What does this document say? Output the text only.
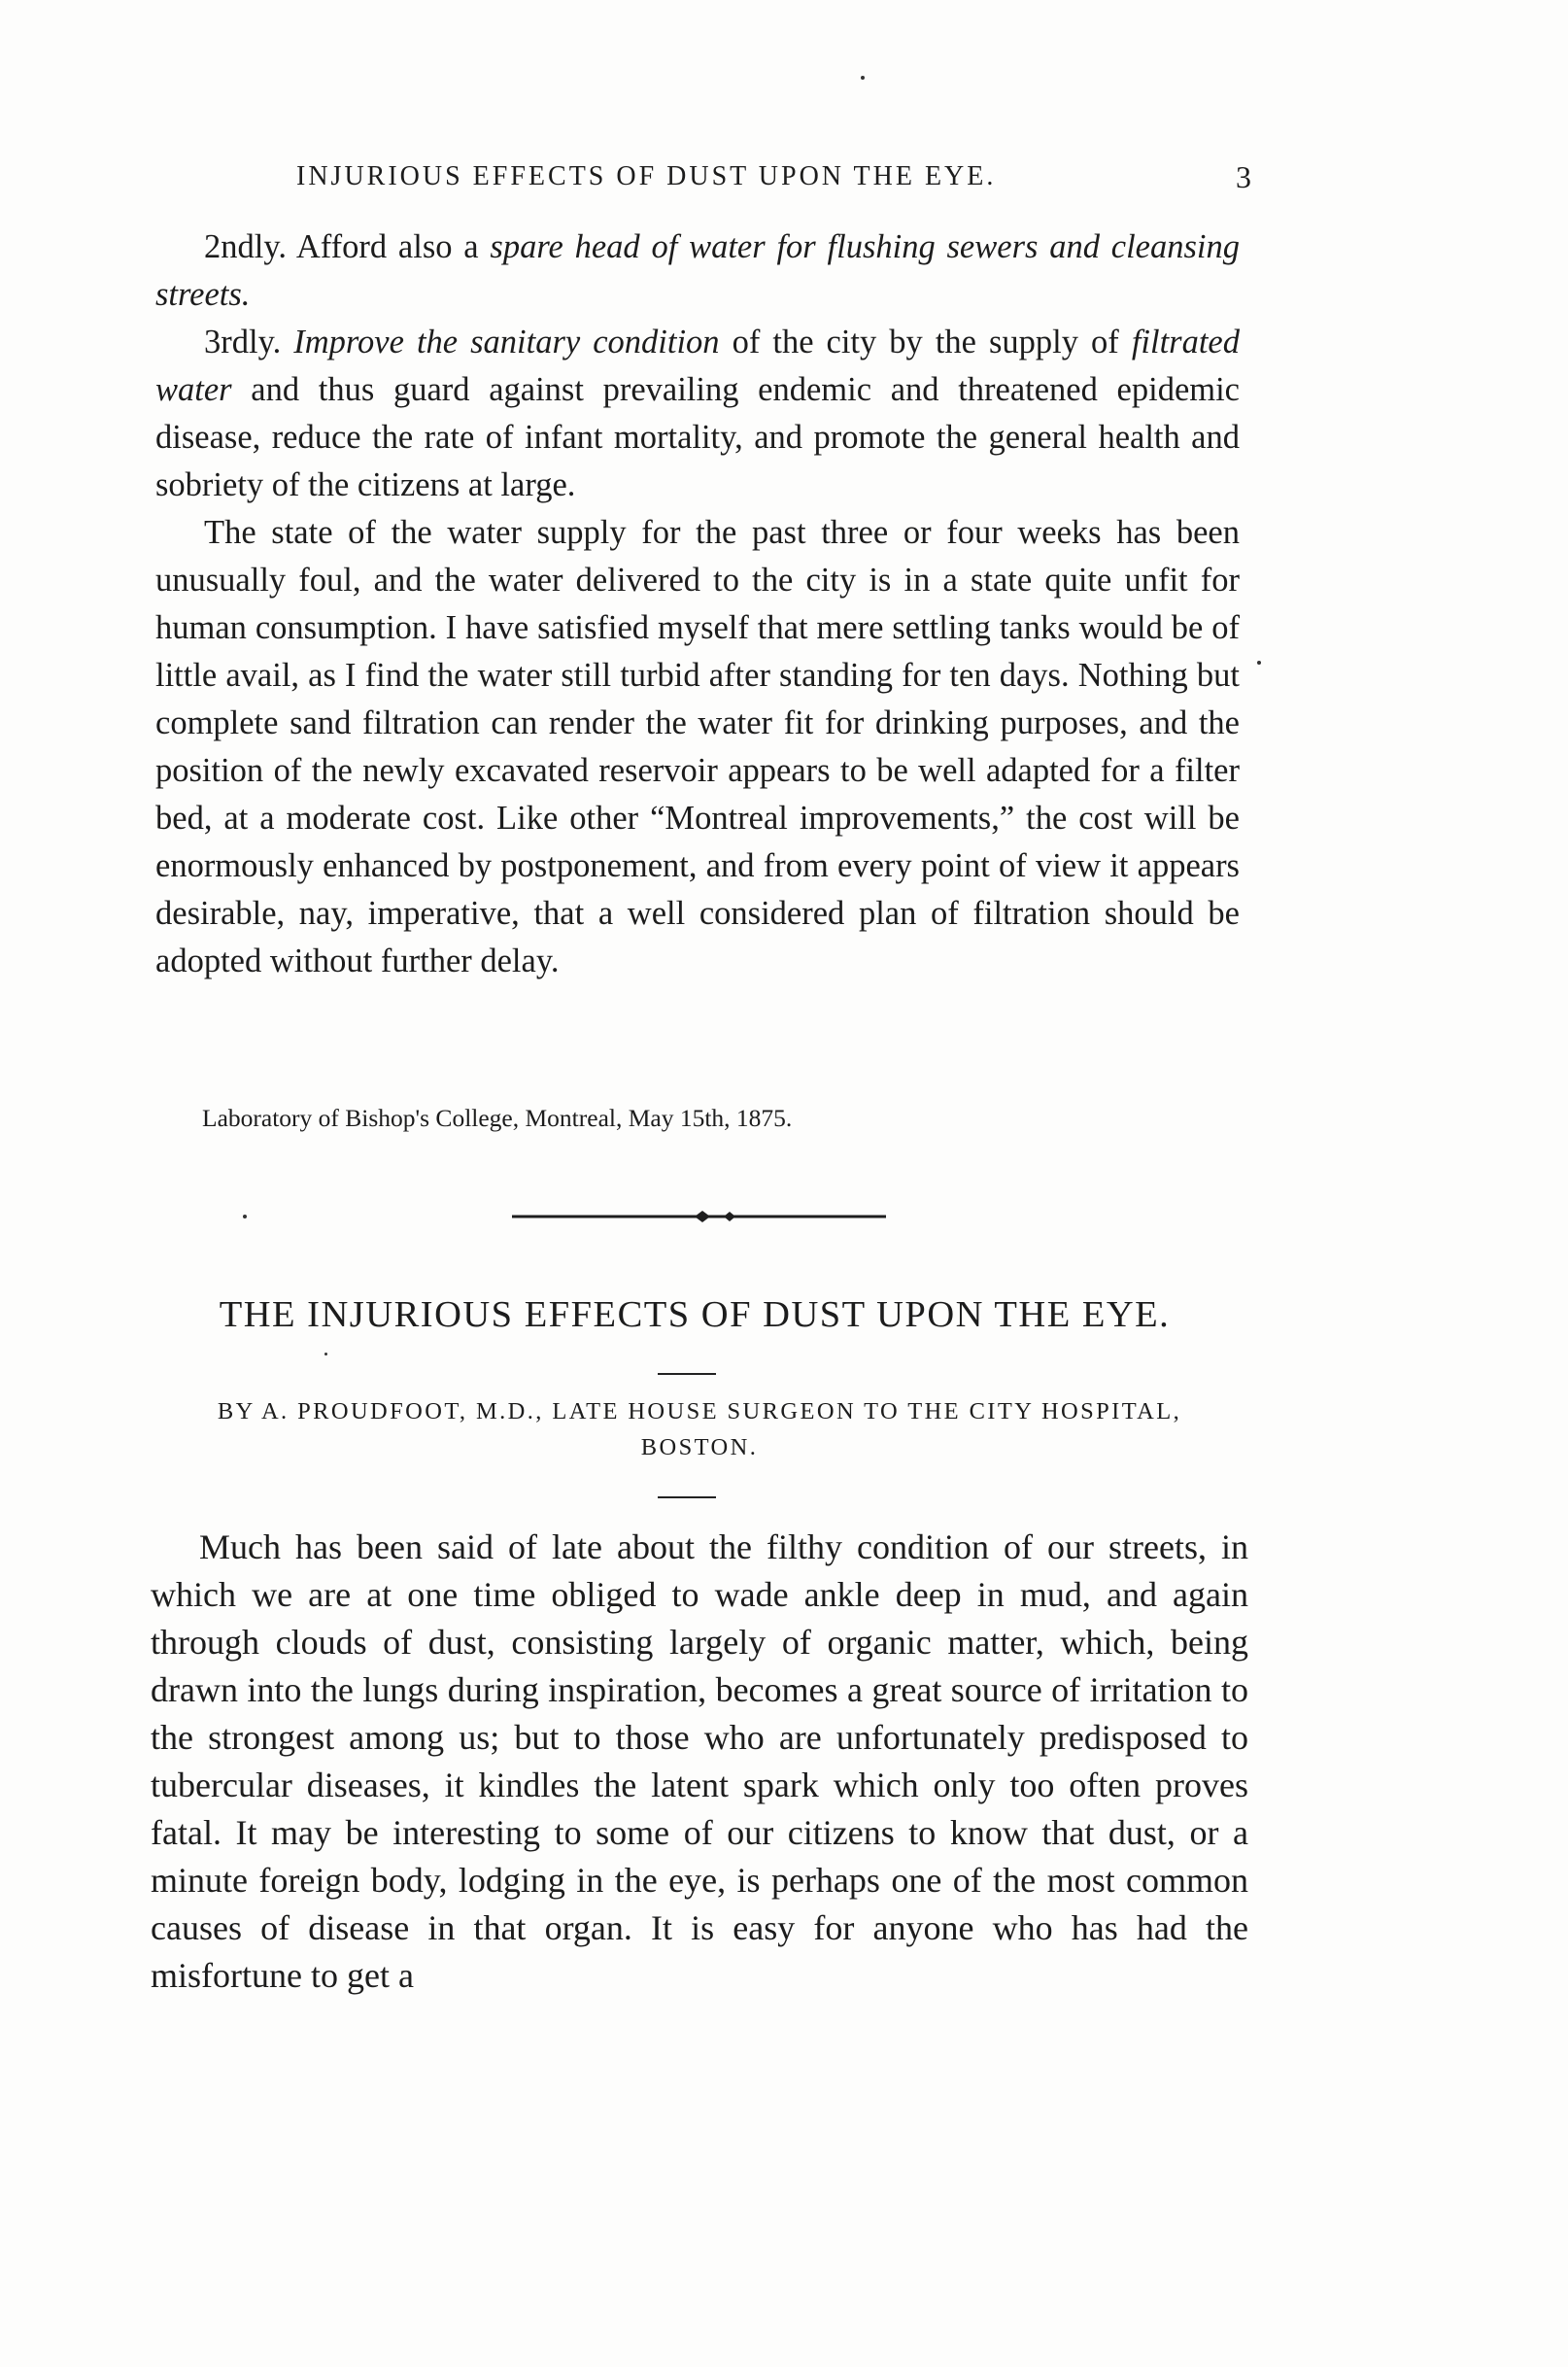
INJURIOUS EFFECTS OF DUST UPON THE EYE.	3

2ndly. Afford also a spare head of water for flushing sewers and cleansing streets.

3rdly. Improve the sanitary condition of the city by the supply of filtrated water and thus guard against prevailing endemic and threatened epidemic disease, reduce the rate of infant mortality, and promote the general health and sobriety of the citizens at large.

The state of the water supply for the past three or four weeks has been unusually foul, and the water delivered to the city is in a state quite unfit for human consumption. I have satisfied myself that mere settling tanks would be of little avail, as I find the water still turbid after standing for ten days. Nothing but complete sand filtration can render the water fit for drinking purposes, and the position of the newly excavated reservoir appears to be well adapted for a filter bed, at a moderate cost. Like other “Montreal improvements,” the cost will be enormously enhanced by postponement, and from every point of view it appears desirable, nay, imperative, that a well considered plan of filtration should be adopted without further delay.

Laboratory of Bishop's College, Montreal, May 15th, 1875.
THE INJURIOUS EFFECTS OF DUST UPON THE EYE.
BY A. PROUDFOOT, M.D., LATE HOUSE SURGEON TO THE CITY HOSPITAL, BOSTON.

Much has been said of late about the filthy condition of our streets, in which we are at one time obliged to wade ankle deep in mud, and again through clouds of dust, consisting largely of organic matter, which, being drawn into the lungs during inspiration, becomes a great source of irritation to the strongest among us; but to those who are unfortunately predisposed to tubercular diseases, it kindles the latent spark which only too often proves fatal. It may be interesting to some of our citizens to know that dust, or a minute foreign body, lodging in the eye, is perhaps one of the most common causes of disease in that organ. It is easy for anyone who has had the misfortune to get a
